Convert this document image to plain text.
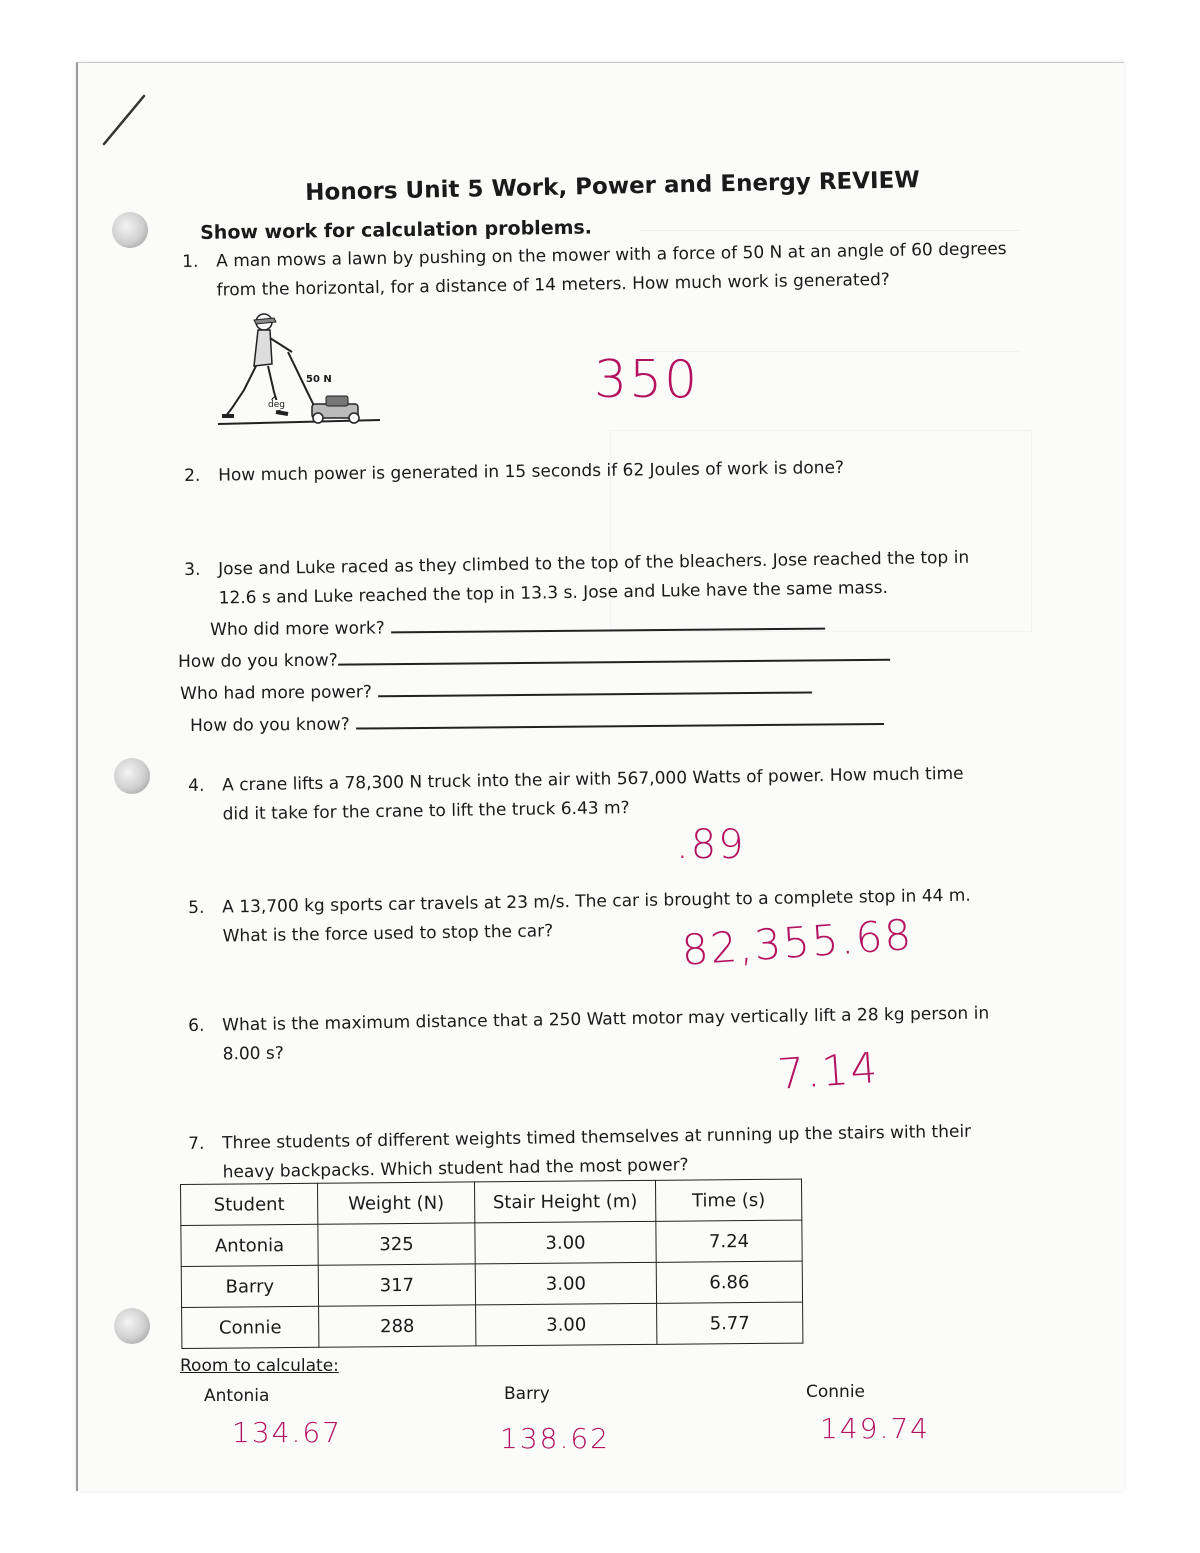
Honors Unit 5 Work, Power and Energy REVIEW
Show work for calculation problems.
1. A man mows a lawn by pushing on the mower with a force of 50 N at an angle of 60 degrees
from the horizontal, for a distance of 14 meters. How much work is generated?
50 N
deg	350
2. How much power is generated in 15 seconds if 62 Joules of work is done?
3. Jose and Luke raced as they climbed to the top of the bleachers. Jose reached the top in
12.6 s and Luke reached the top in 13.3 s. Jose and Luke have the same mass.
Who did more work?
How do you know?
Who had more power?
How do you know?
4. A crane lifts a 78,300 N truck into the air with 567,000 Watts of power. How much time
did it take for the crane to lift the truck 6.43 m?
.89
5. A 13,700 kg sports car travels at 23 m/s. The car is brought to a complete stop in 44 m.
What is the force used to stop the car?	82,355.68
6. What is the maximum distance that a 250 Watt motor may vertically lift a 28 kg person in
8.00 s?	7.14
7. Three students of different weights timed themselves at running up the stairs with their
heavy backpacks. Which student had the most power?
Student	Weight (N)	Stair Height (m)	Time (s)
Antonia	325	3.00	7.24
Barry	317	3.00	6.86
Connie	288	3.00	5.77
Room to calculate:
Antonia	Barry	Connie
134.67	138.62	149.74
